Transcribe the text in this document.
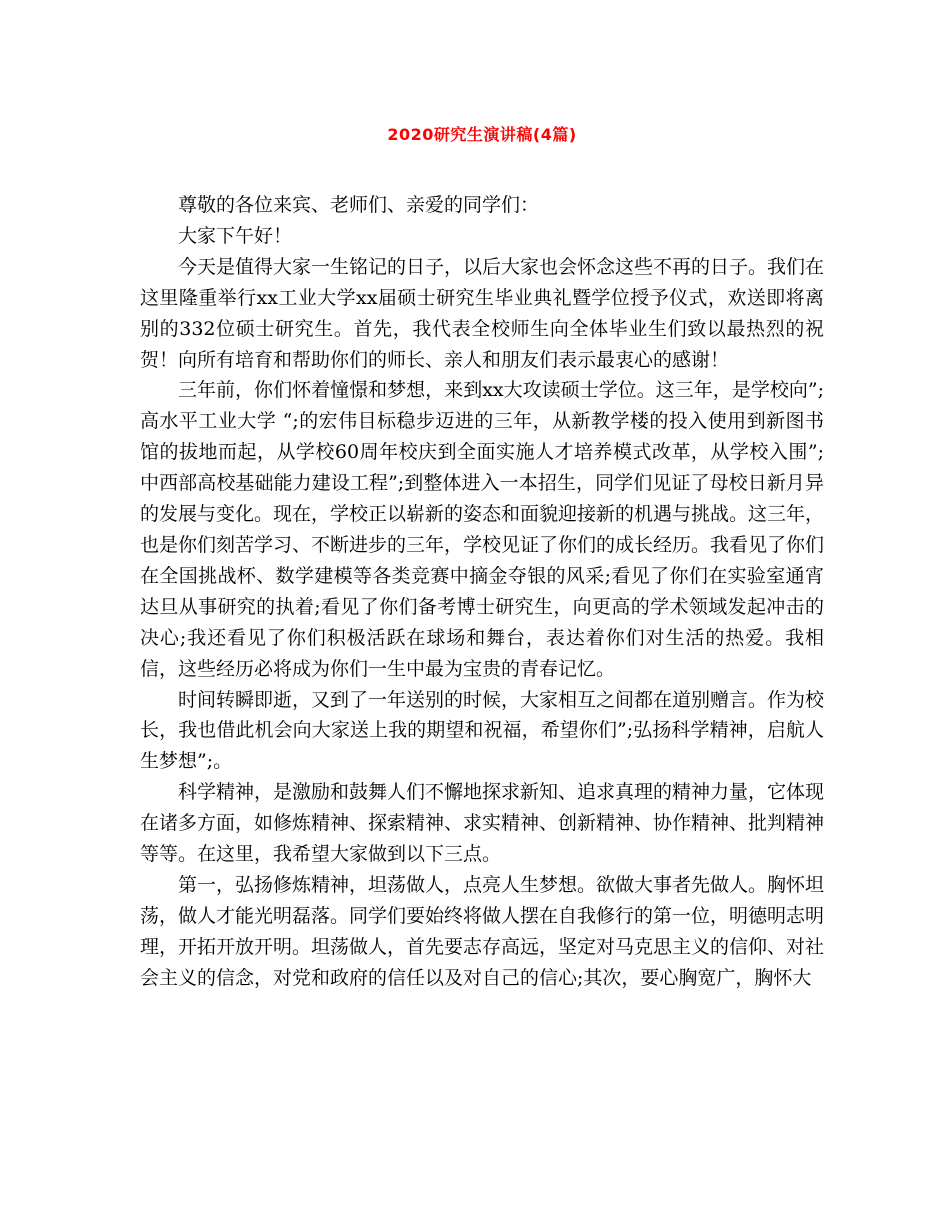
2020研究生演讲稿(4篇)

尊敬的各位来宾、老师们、亲爱的同学们：

大家下午好！

今天是值得大家一生铭记的日子，以后大家也会怀念这些不再的日子。我们在这里隆重举行xx工业大学xx届硕士研究生毕业典礼暨学位授予仪式，欢送即将离别的332位硕士研究生。首先，我代表全校师生向全体毕业生们致以最热烈的祝贺！向所有培育和帮助你们的师长、亲人和朋友们表示最衷心的感谢！

三年前，你们怀着憧憬和梦想，来到xx大攻读硕士学位。这三年，是学校向”;高水平工业大学 “;的宏伟目标稳步迈进的三年，从新教学楼的投入使用到新图书馆的拔地而起，从学校60周年校庆到全面实施人才培养模式改革，从学校入围”;中西部高校基础能力建设工程”;到整体进入一本招生，同学们见证了母校日新月异的发展与变化。现在，学校正以崭新的姿态和面貌迎接新的机遇与挑战。这三年，也是你们刻苦学习、不断进步的三年，学校见证了你们的成长经历。我看见了你们在全国挑战杯、数学建模等各类竞赛中摘金夺银的风采;看见了你们在实验室通宵达旦从事研究的执着;看见了你们备考博士研究生，向更高的学术领域发起冲击的决心;我还看见了你们积极活跃在球场和舞台，表达着你们对生活的热爱。我相信，这些经历必将成为你们一生中最为宝贵的青春记忆。

时间转瞬即逝，又到了一年送别的时候，大家相互之间都在道别赠言。作为校长，我也借此机会向大家送上我的期望和祝福，希望你们”;弘扬科学精神，启航人生梦想”;。

科学精神，是激励和鼓舞人们不懈地探求新知、追求真理的精神力量，它体现在诸多方面，如修炼精神、探索精神、求实精神、创新精神、协作精神、批判精神等等。在这里，我希望大家做到以下三点。

第一，弘扬修炼精神，坦荡做人，点亮人生梦想。欲做大事者先做人。胸怀坦荡，做人才能光明磊落。同学们要始终将做人摆在自我修行的第一位，明德明志明理，开拓开放开明。坦荡做人，首先要志存高远，坚定对马克思主义的信仰、对社会主义的信念，对党和政府的信任以及对自己的信心;其次，要心胸宽广，胸怀大
